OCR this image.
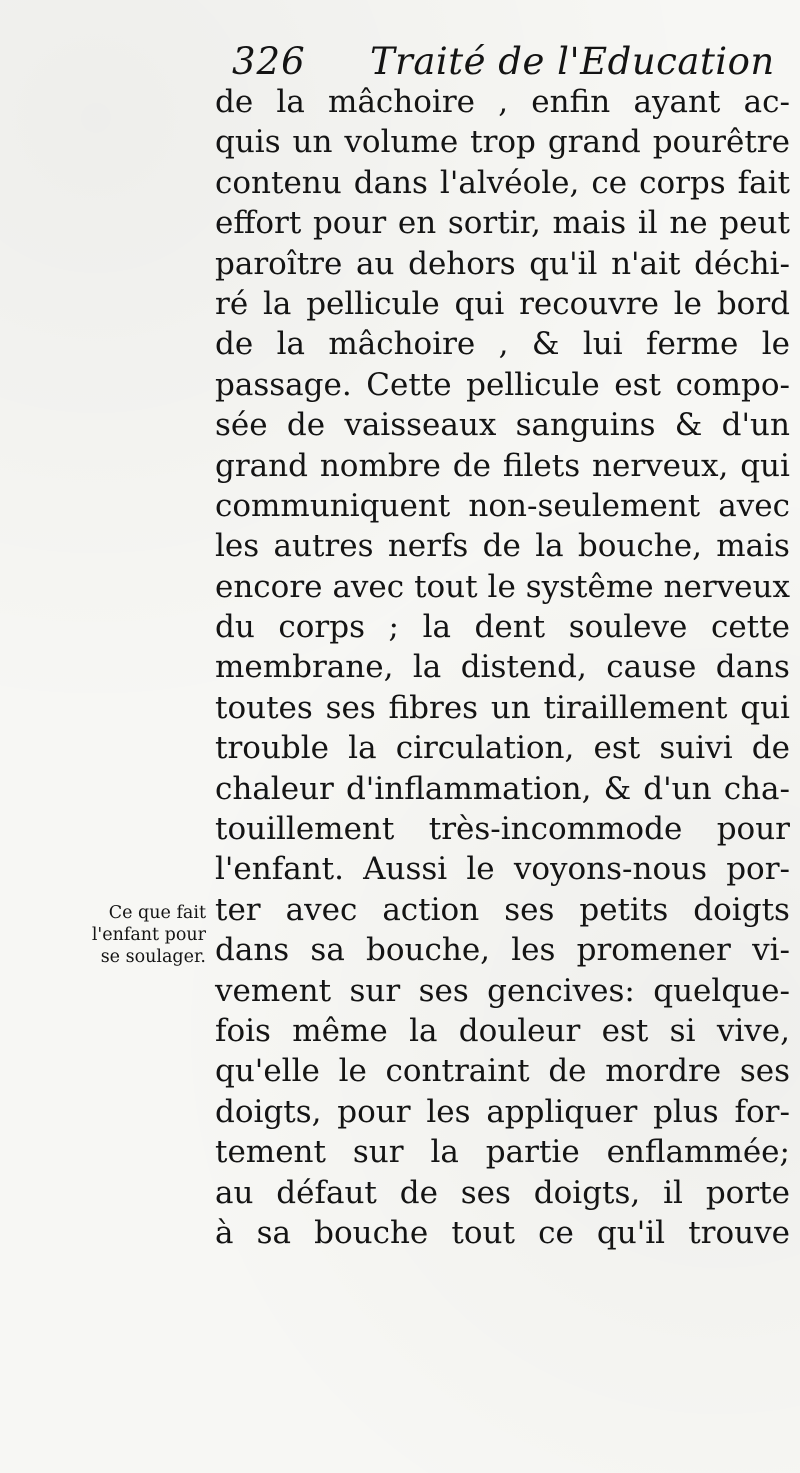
326 Traité de l'Education
de la mâchoire , enfin ayant ac-
quis un volume trop grand pourêtre
contenu dans l'alvéole, ce corps fait
effort pour en sortir, mais il ne peut
paroître au dehors qu'il n'ait déchi-
ré la pellicule qui recouvre le bord
de la mâchoire , & lui ferme le
passage. Cette pellicule est compo-
sée de vaisseaux sanguins & d'un
grand nombre de filets nerveux, qui
communiquent non-seulement avec
les autres nerfs de la bouche, mais
encore avec tout le systême nerveux
du corps ; la dent souleve cette
membrane, la distend, cause dans
toutes ses fibres un tiraillement qui
trouble la circulation, est suivi de
chaleur d'inflammation, & d'un cha-
touillement très-incommode pour
l'enfant. Aussi le voyons-nous por-
ter avec action ses petits doigts
dans sa bouche, les promener vi-
vement sur ses gencives: quelque-
fois même la douleur est si vive,
qu'elle le contraint de mordre ses
doigts, pour les appliquer plus for-
tement sur la partie enflammée;
au défaut de ses doigts, il porte
à sa bouche tout ce qu'il trouve
Ce que fait
l'enfant pour
se soulager.
